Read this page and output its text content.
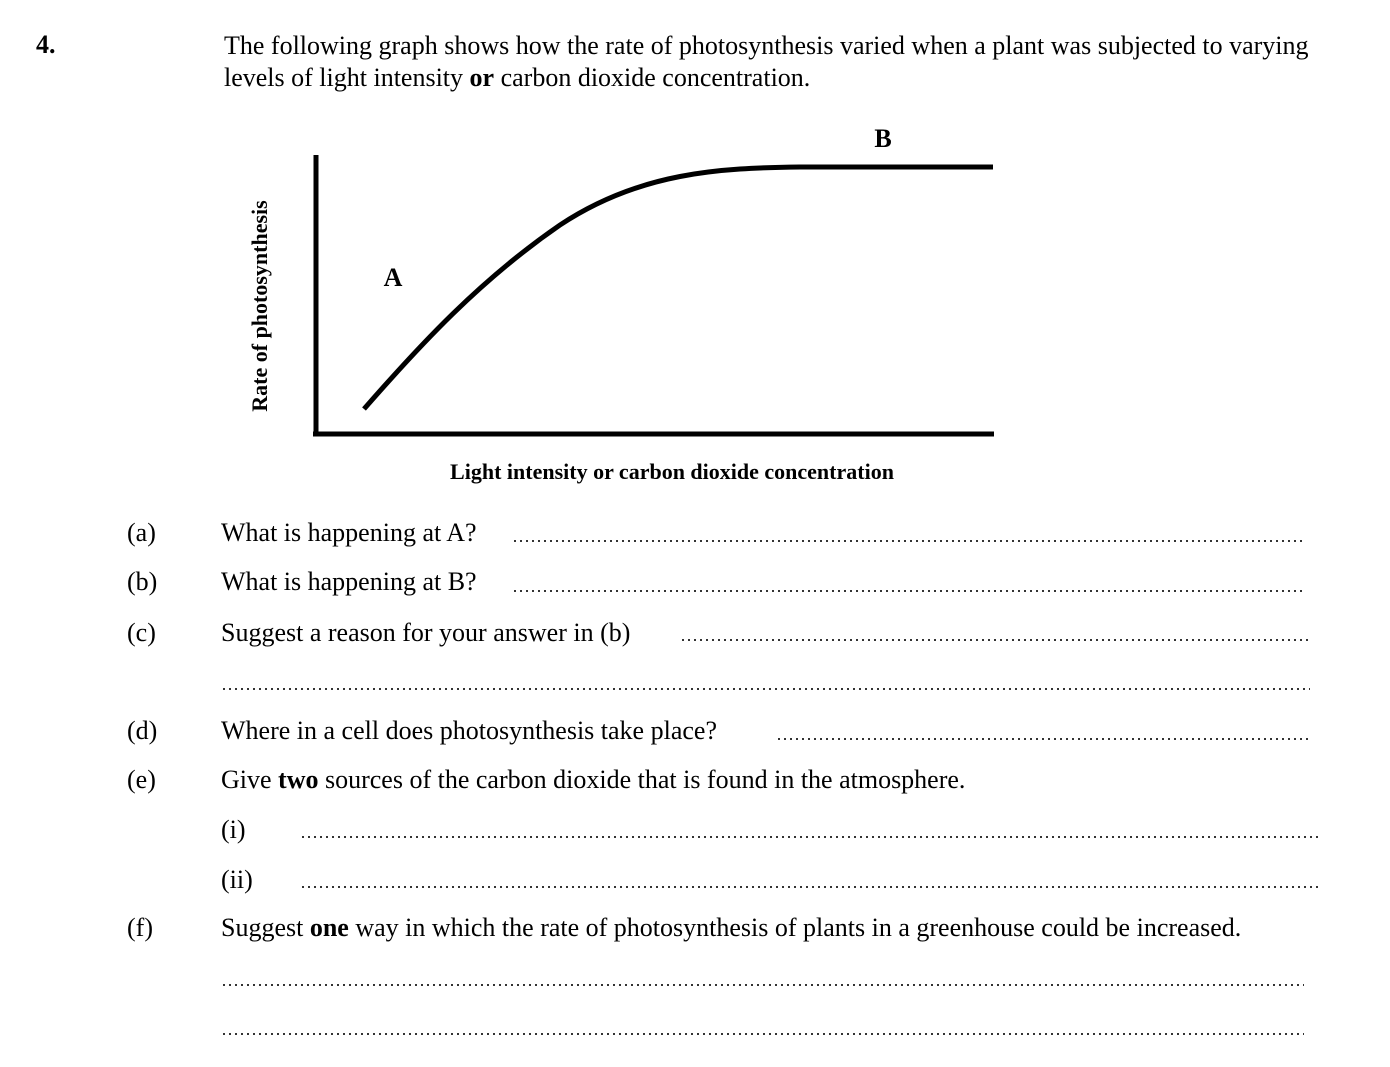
4.	The following graph shows how the rate of photosynthesis varied when a plant was subjected to varying levels of light intensity or carbon dioxide concentration.
A
B
Rate of photosynthesis
Light intensity or carbon dioxide concentration
(a)	What is happening at A?
(b) What is happening at B?
(c)	Suggest a reason for your answer in (b)
(d) Where in a cell does photosynthesis take place?
(e)	Give two sources of the carbon dioxide that is found in the atmosphere.
(i)
(ii)
(f)	Suggest one way in which the rate of photosynthesis of plants in a greenhouse could be increased.
